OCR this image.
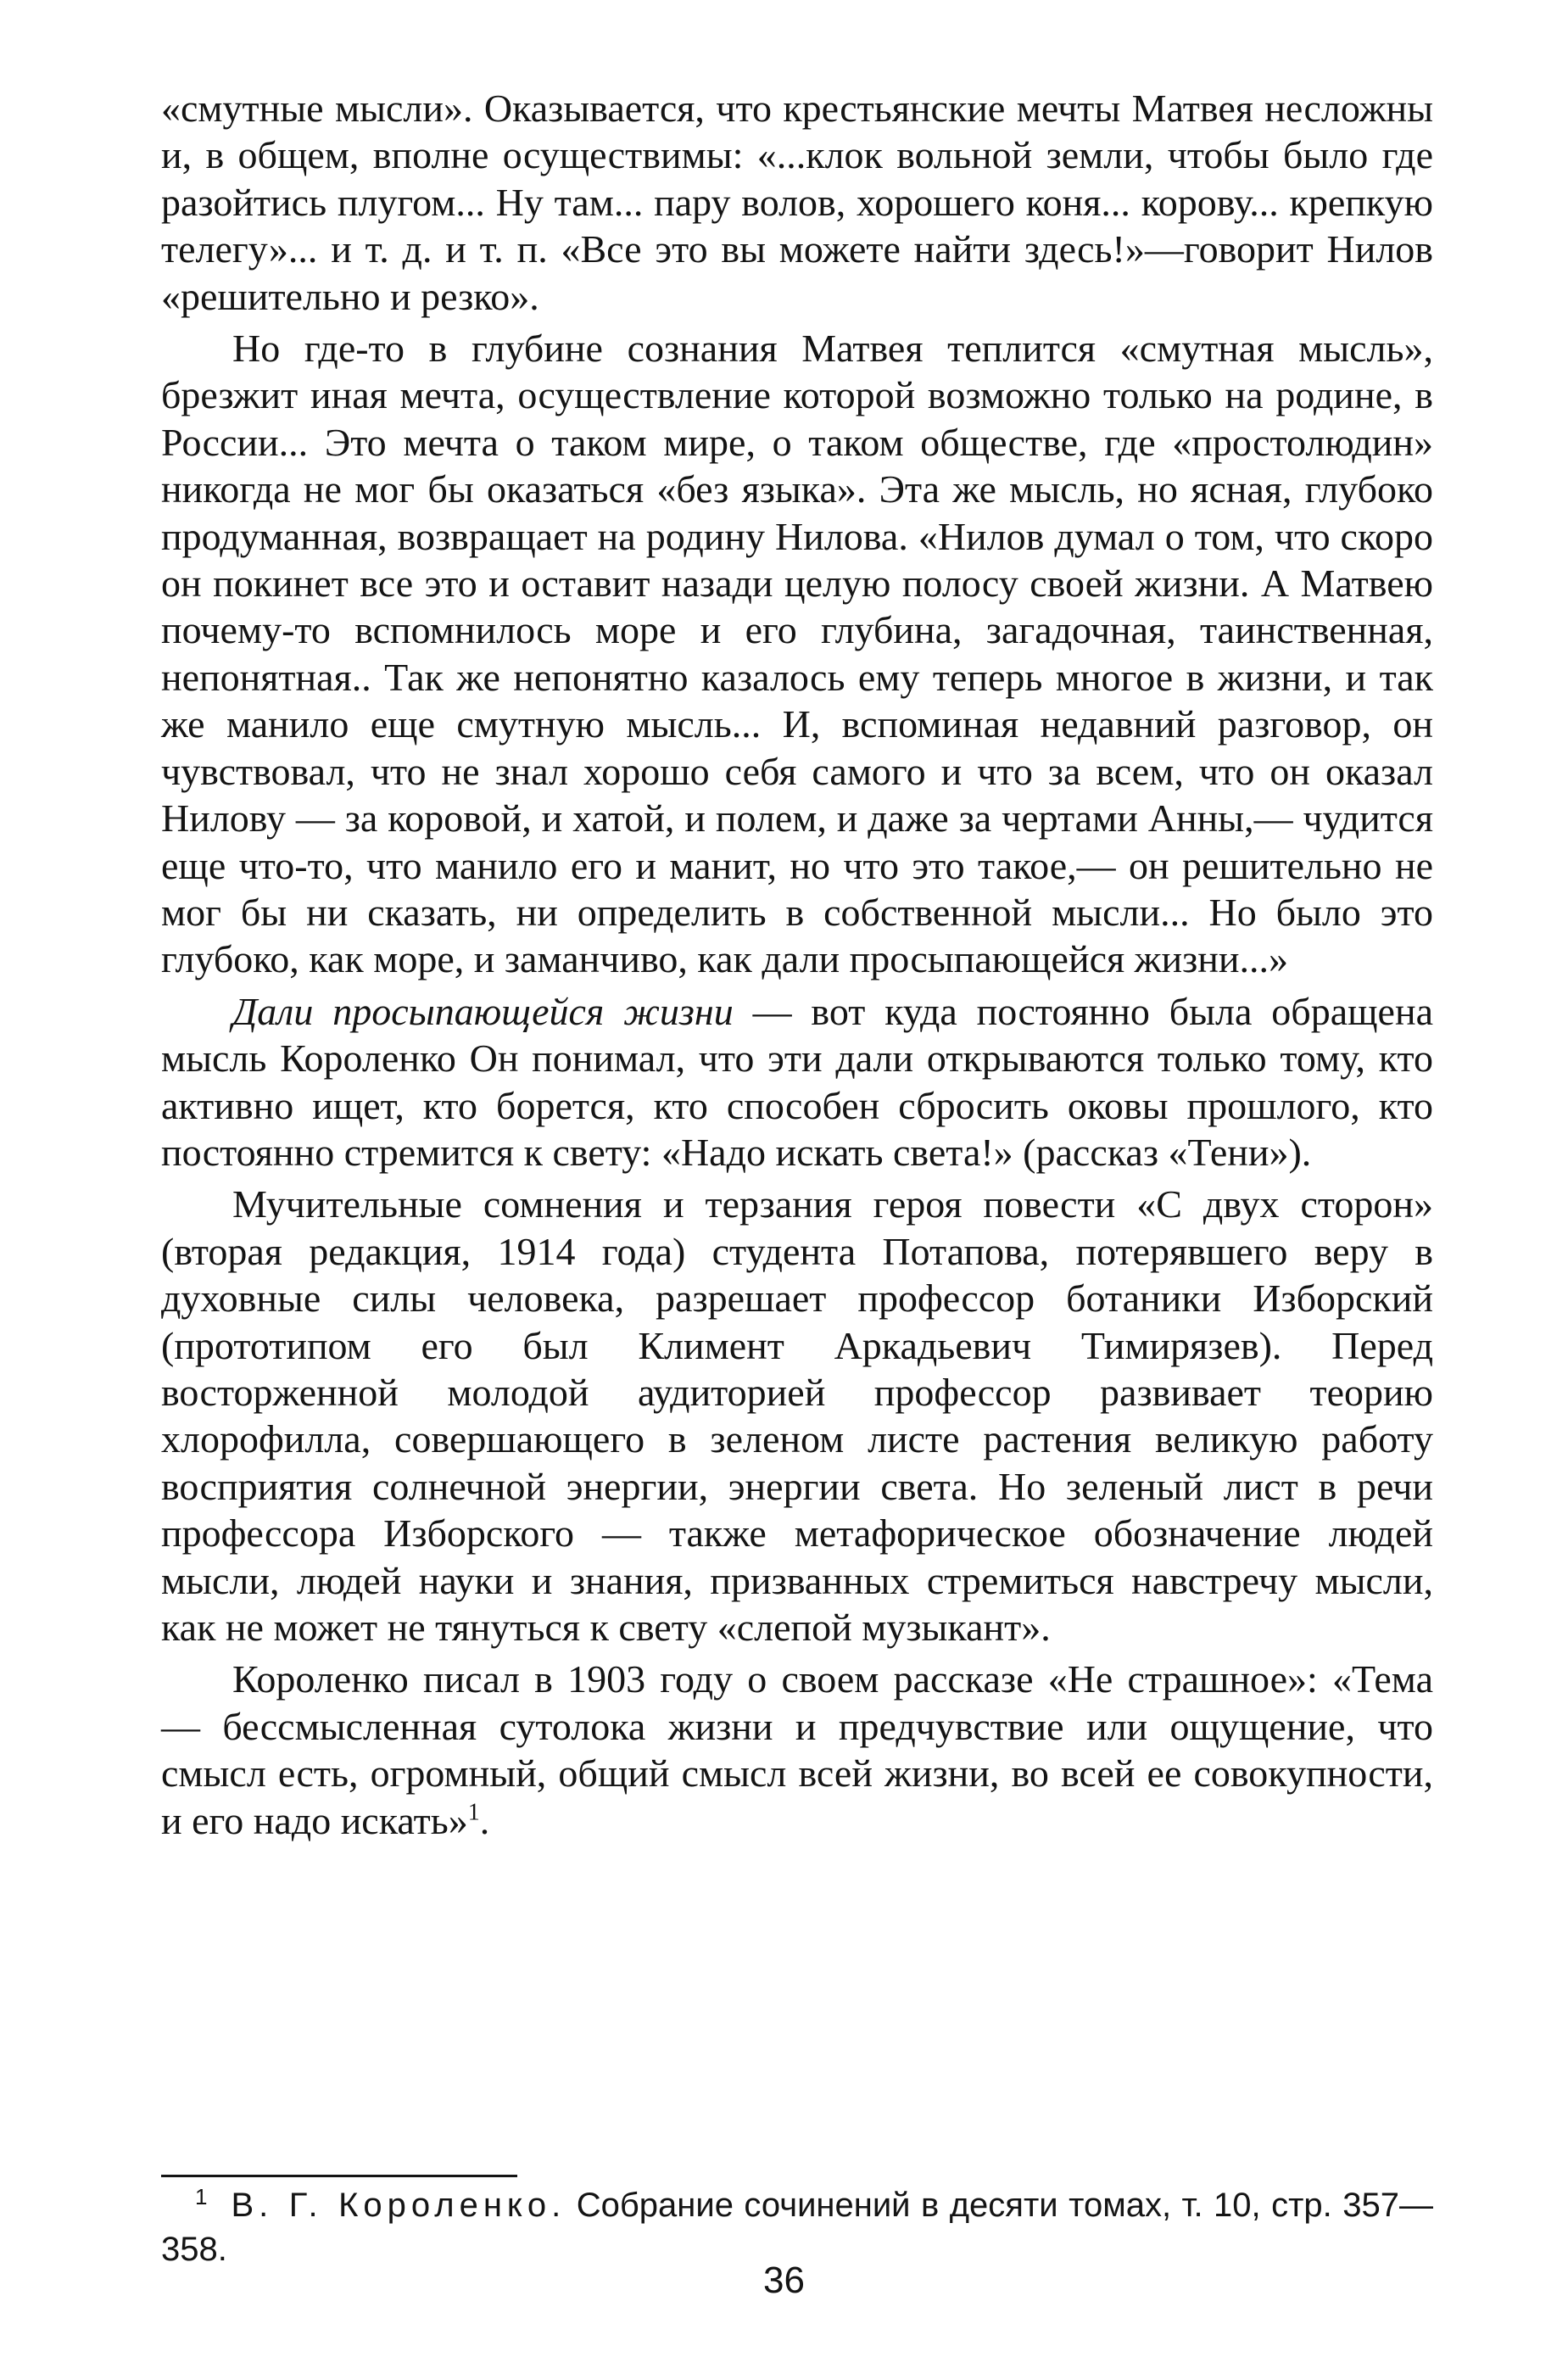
«смутные мысли». Оказывается, что крестьянские мечты Матвея несложны и, в общем, вполне осуществимы: «...клок вольной земли, чтобы было где разойтись плугом... Ну там... пару волов, хорошего коня... корову... крепкую телегу»... и т. д. и т. п. «Все это вы можете найти здесь!»—говорит Нилов «решительно и резко».

Но где-то в глубине сознания Матвея теплится «смутная мысль», брезжит иная мечта, осуществление которой возможно только на родине, в России... Это мечта о таком мире, о таком обществе, где «простолюдин» никогда не мог бы оказаться «без языка». Эта же мысль, но ясная, глубоко продуманная, возвращает на родину Нилова. «Нилов думал о том, что скоро он покинет все это и оставит назади целую полосу своей жизни. А Матвею почему-то вспомнилось море и его глубина, загадочная, таинственная, непонятная.. Так же непонятно казалось ему теперь многое в жизни, и так же манило еще смутную мысль... И, вспоминая недавний разговор, он чувствовал, что не знал хорошо себя самого и что за всем, что он оказал Нилову — за коровой, и хатой, и полем, и даже за чертами Анны,— чудится еще что-то, что манило его и манит, но что это такое,— он решительно не мог бы ни сказать, ни определить в собственной мысли... Но было это глубоко, как море, и заманчиво, как дали просыпающейся жизни...»

Дали просыпающейся жизни — вот куда постоянно была обращена мысль Короленко Он понимал, что эти дали открываются только тому, кто активно ищет, кто борется, кто способен сбросить оковы прошлого, кто постоянно стремится к свету: «Надо искать света!» (рассказ «Тени»).

Мучительные сомнения и терзания героя повести «С двух сторон» (вторая редакция, 1914 года) студента Потапова, потерявшего веру в духовные силы человека, разрешает профессор ботаники Изборский (прототипом его был Климент Аркадьевич Тимирязев). Перед восторженной молодой аудиторией профессор развивает теорию хлорофилла, совершающего в зеленом листе растения великую работу восприятия солнечной энергии, энергии света. Но зеленый лист в речи профессора Изборского — также метафорическое обозначение людей мысли, людей науки и знания, призванных стремиться навстречу мысли, как не может не тянуться к свету «слепой музыкант».

Короленко писал в 1903 году о своем рассказе «Не страшное»: «Тема — бессмысленная сутолока жизни и предчувствие или ощущение, что смысл есть, огромный, общий смысл всей жизни, во всей ее совокупности, и его надо искать»$^1$.

$^1$ В. Г. Короленко. Собрание сочинений в десяти томах, т. 10, стр. 357—358.
36
